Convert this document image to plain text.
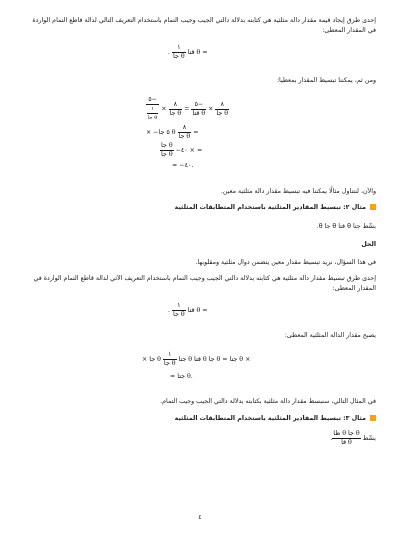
إحدى طرق إيجاد قيمة مقدار دالة مثلثية هي كتابته بدلالة دالتي الجيب وجيب التمام باستخدام التعريف التالي لدالة قاطع التمام الواردة في المقدار المعطى:
. $\frac{١}{\text{جا θ}}$ قتا θ =
ومن ثم، يمكننا تبسيط المقدار بمعطيا:
$\frac{٥-}{\frac{١}{\text{جا θ}}} \times \frac{٨}{\text{جا θ}} = \frac{٥-}{\text{قتا θ}} \times \frac{٨}{\text{جا θ}}$
× −٥ جا θ $\frac{٨}{\text{جا θ}}$ =
$\frac{\text{جا θ}}{\text{جا θ}}$ −٤٠ × =
= −٤٠.
والآن، لنتناول مثالًا يمكننا فيه تبسيط مقدار دالة مثلثية معين.
مثال ٢: تبسيط المقادير المثلثية باستخدام المتطابقات المثلثية
بسِّط جتا θ قتا θ جا θ.
الحل
في هذا السؤال، نريد تبسيط مقدار معين يتضمن دوال مثلثية ومقلوبها.
إحدى طرق تبسيط مقدار دالة مثلثية هي كتابته بدلالة دالتي الجيب وجيب التمام باستخدام التعريف الآتي لدالة قاطع التمام الواردة في المقدار المعطى:
. $\frac{١}{\text{جا θ}}$ قتا θ =
يصبح مقدار الدالة المثلثية المعطى:
× جا θ $\frac{١}{\text{جا θ}}$ جتا θ قتا θ جا θ = جتا θ ×
= جتا θ.
في المثال التالي، سنبسط مقدار دالة مثلثية بكتابته بدلالة دالتي الجيب وجيب التمام.
مثال ٣: تبسيط المقادير المثلثية باستخدام المتطابقات المثلثية
بسِّط
$\frac{\text{ظا θ جا θ}}{\text{قا θ}}$
.
٤
